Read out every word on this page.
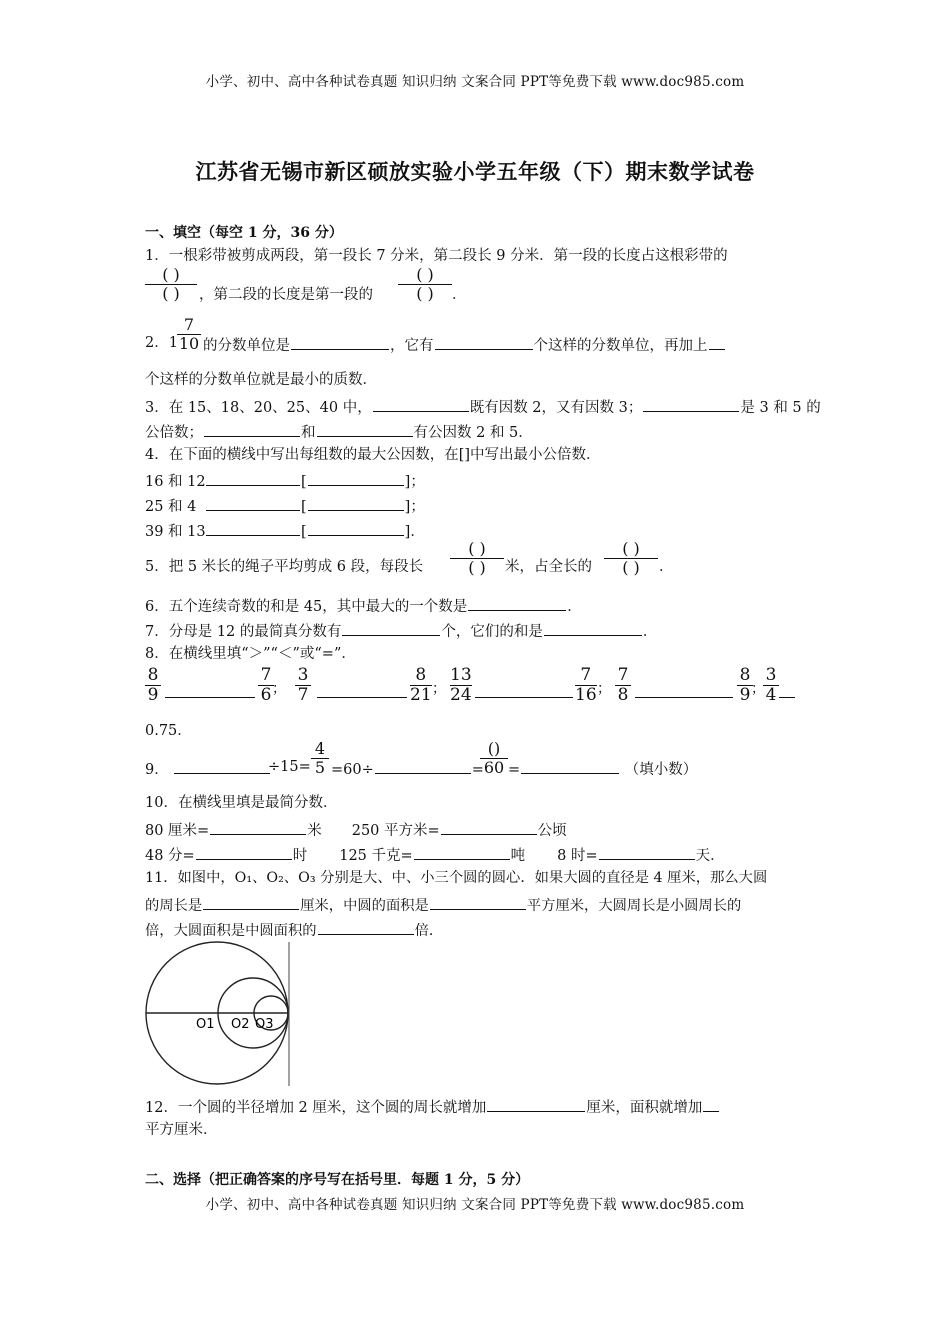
小学、初中、高中各种试卷真题 知识归纳 文案合同 PPT等免费下载 www.doc985.com
江苏省无锡市新区硕放实验小学五年级（下）期末数学试卷
一、填空（每空 1 分，36 分）
1．一根彩带被剪成两段，第一段长 7 分米，第二段长 9 分米．第一段的长度占这根彩带的
( )
( )	，第二段的长度是第一段的
( )
( )	．
2．$1 \frac{7}{10}$ 的分数单位是	，它有	个这样的分数单位，再加上
个这样的分数单位就是最小的质数．
3．在 15、18、20、25、40 中，	既有因数 2，又有因数 3；	是 3 和 5 的
公倍数；	和	有公因数 2 和 5．
4．在下面的横线中写出每组数的最大公因数，在[]中写出最小公倍数．
16 和 12	[	]；
25 和 4	[	]；
39 和 13	[	]．
5．把 5 米长的绳子平均剪成 6 段，每段长
( )
( )	米，占全长的
( )
( )	．
6．五个连续奇数的和是 45，其中最大的一个数是	．
7．分母是 12 的最简真分数有	个，它们的和是	．
8．在横线里填“＞”“＜”或“=”．
$\frac{8}{9}$	$\frac{7}{6}$
； $\frac{3}{7}$	$\frac{8}{21}$ ； $\frac{13}{24}$	$\frac{7}{16}$ ； $\frac{7}{8}$	$\frac{8}{9}$
；
$\frac{3}{4}$
0.75．
9．	$\div 15= \frac{4}{5} =60\div$	=
()
60 =	（填小数）
10．在横线里填是最简分数．
80 厘米=	米 250 平方米=	公顷
48 分=	时 125 千克=	吨 8 时=	天．
11．如图中，O₁、O₂、O₃ 分别是大、中、小三个圆的圆心．如果大圆的直径是 4 厘米，那么大圆
的周长是	厘米，中圆的面积是	平方厘米，大圆周长是小圆周长的
倍，大圆面积是中圆面积的	倍．
O1 O2 O3
12．一个圆的半径增加 2 厘米，这个圆的周长就增加	厘米，面积就增加
平方厘米．
二、选择（把正确答案的序号写在括号里．每题 1 分，5 分）
小学、初中、高中各种试卷真题 知识归纳 文案合同 PPT等免费下载 www.doc985.com
